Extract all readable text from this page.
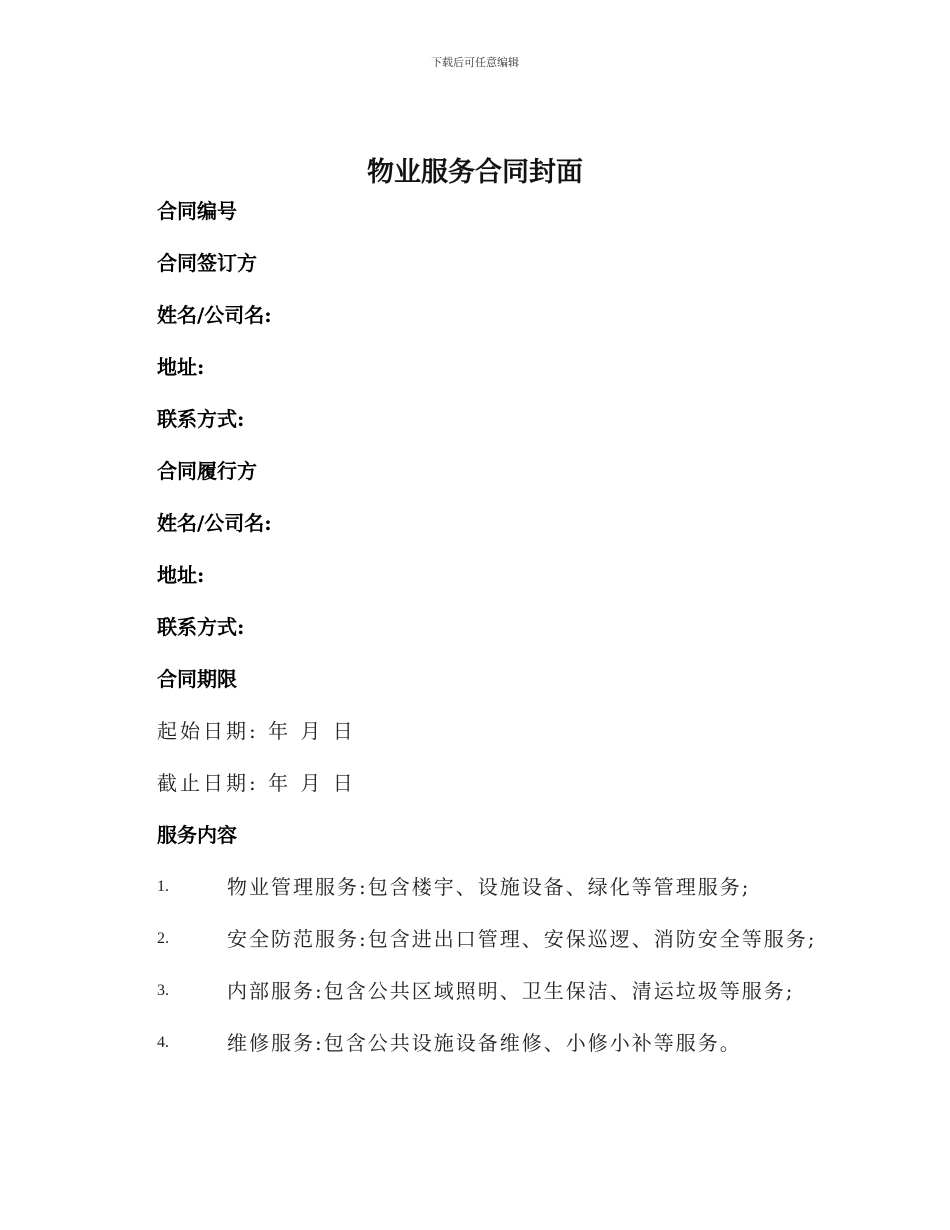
下载后可任意编辑
物业服务合同封面
合同编号
合同签订方
姓名/公司名:
地址:
联系方式:
合同履行方
姓名/公司名:
地址:
联系方式:
合同期限
起始日期: 年 月 日
截止日期: 年 月 日
服务内容
1.	物业管理服务:包含楼宇、设施设备、绿化等管理服务;
2.	安全防范服务:包含进出口管理、安保巡逻、消防安全等服务;
3.	内部服务:包含公共区域照明、卫生保洁、清运垃圾等服务;
4.	维修服务:包含公共设施设备维修、小修小补等服务。
